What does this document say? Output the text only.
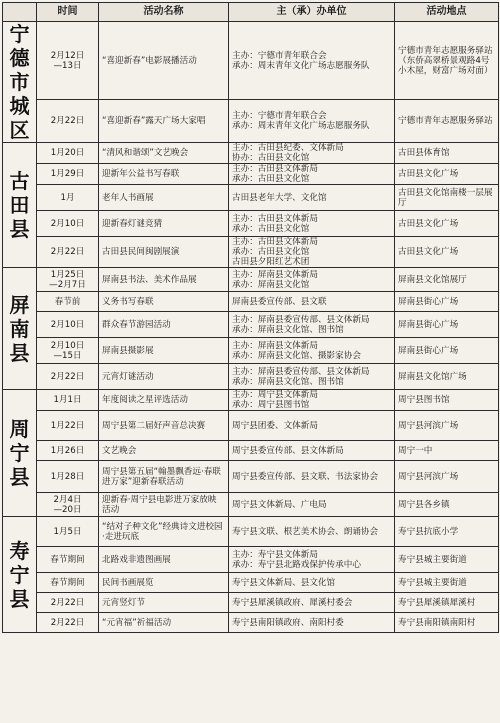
	时间	活动名称	主（承）办单位	活动地点
宁德市城区	2月12日
—13日	“喜迎新春”电影展播活动	主办：宁德市青年联合会
承办：周末青年文化广场志愿服务队	宁德市青年志愿服务驿站（东侨高翠桥景观路4号小木屋，财富广场对面）

	2月22日	“喜迎新春”露天广场大家唱	主办：宁德市青年联合会
承办：周末青年文化广场志愿服务队	宁德市青年志愿服务驿站
古田县	1月20日	“清风和谐颂”文艺晚会	主办：古田县纪委、文体新局
协办：古田县文化馆	古田县体育馆

	1月29日	迎新年公益书写春联	主办：古田县文体新局
承办：古田县文化馆	古田县文化广场

	1月	老年人书画展	古田县老年大学、文化馆	古田县文化馆南楼一层展厅

	2月10日	迎新春灯谜竞猜	主办：古田县文体新局
承办：古田县文化馆	古田县文化广场

	2月22日	古田县民间闽剧展演	主办：古田县文体新局
承办：古田县文化馆
古田县夕阳红艺术团	古田县文化广场
屏南县	1月25日
—2月7日	屏南县书法、美术作品展	主办：屏南县文体新局
承办：屏南县文化馆	屏南县文化馆展厅

	春节前	义务书写春联	屏南县委宣传部、县文联	屏南县街心广场

	2月10日	群众春节游园活动	主办：屏南县委宣传部、县文体新局
承办：屏南县文化馆、图书馆	屏南县街心广场

	2月10日
—15日	屏南县摄影展	主办：屏南县文体新局
承办：屏南县文化馆、摄影家协会	屏南县街心广场

	2月22日	元宵灯谜活动	主办：屏南县委宣传部、县文体新局
承办：屏南县文化馆、图书馆	屏南县文化馆广场
周宁县	1月1日	年度阅读之星评选活动	主办：周宁县文体新局
承办：周宁县图书馆	周宁县图书馆

	1月22日	周宁县第二届好声音总决赛	周宁县团委、文体新局	周宁县河滨广场

	1月26日	文艺晚会	周宁县委宣传部、县文体新局	周宁一中

	1月28日	周宁县第五届“翰墨飘香远·春联进万家”迎新春联活动	周宁县委宣传部、县文联、书法家协会	周宁县河滨广场

	2月4日
—20日	迎新春·周宁县电影进万家放映活动	周宁县文体新局、广电局	周宁县各乡镇
寿宁县	1月5日	“结对子种文化”经典诗文进校园·走进玩底	寿宁县文联、根艺美术协会、朗诵协会	寿宁县抗底小学

	春节期间	北路戏非遗图画展	主办：寿宁县文体新局
承办：寿宁县北路戏保护传承中心	寿宁县城主要街道

	春节期间	民间书画展览	寿宁县文体新局、县文化馆	寿宁县城主要街道

	2月22日	元宵竖灯节	寿宁县犀溪镇政府、犀溪村委会	寿宁县犀溪镇犀溪村

	2月22日	“元宵福”祈福活动	寿宁县南阳镇政府、南阳村委	寿宁县南阳镇南阳村
